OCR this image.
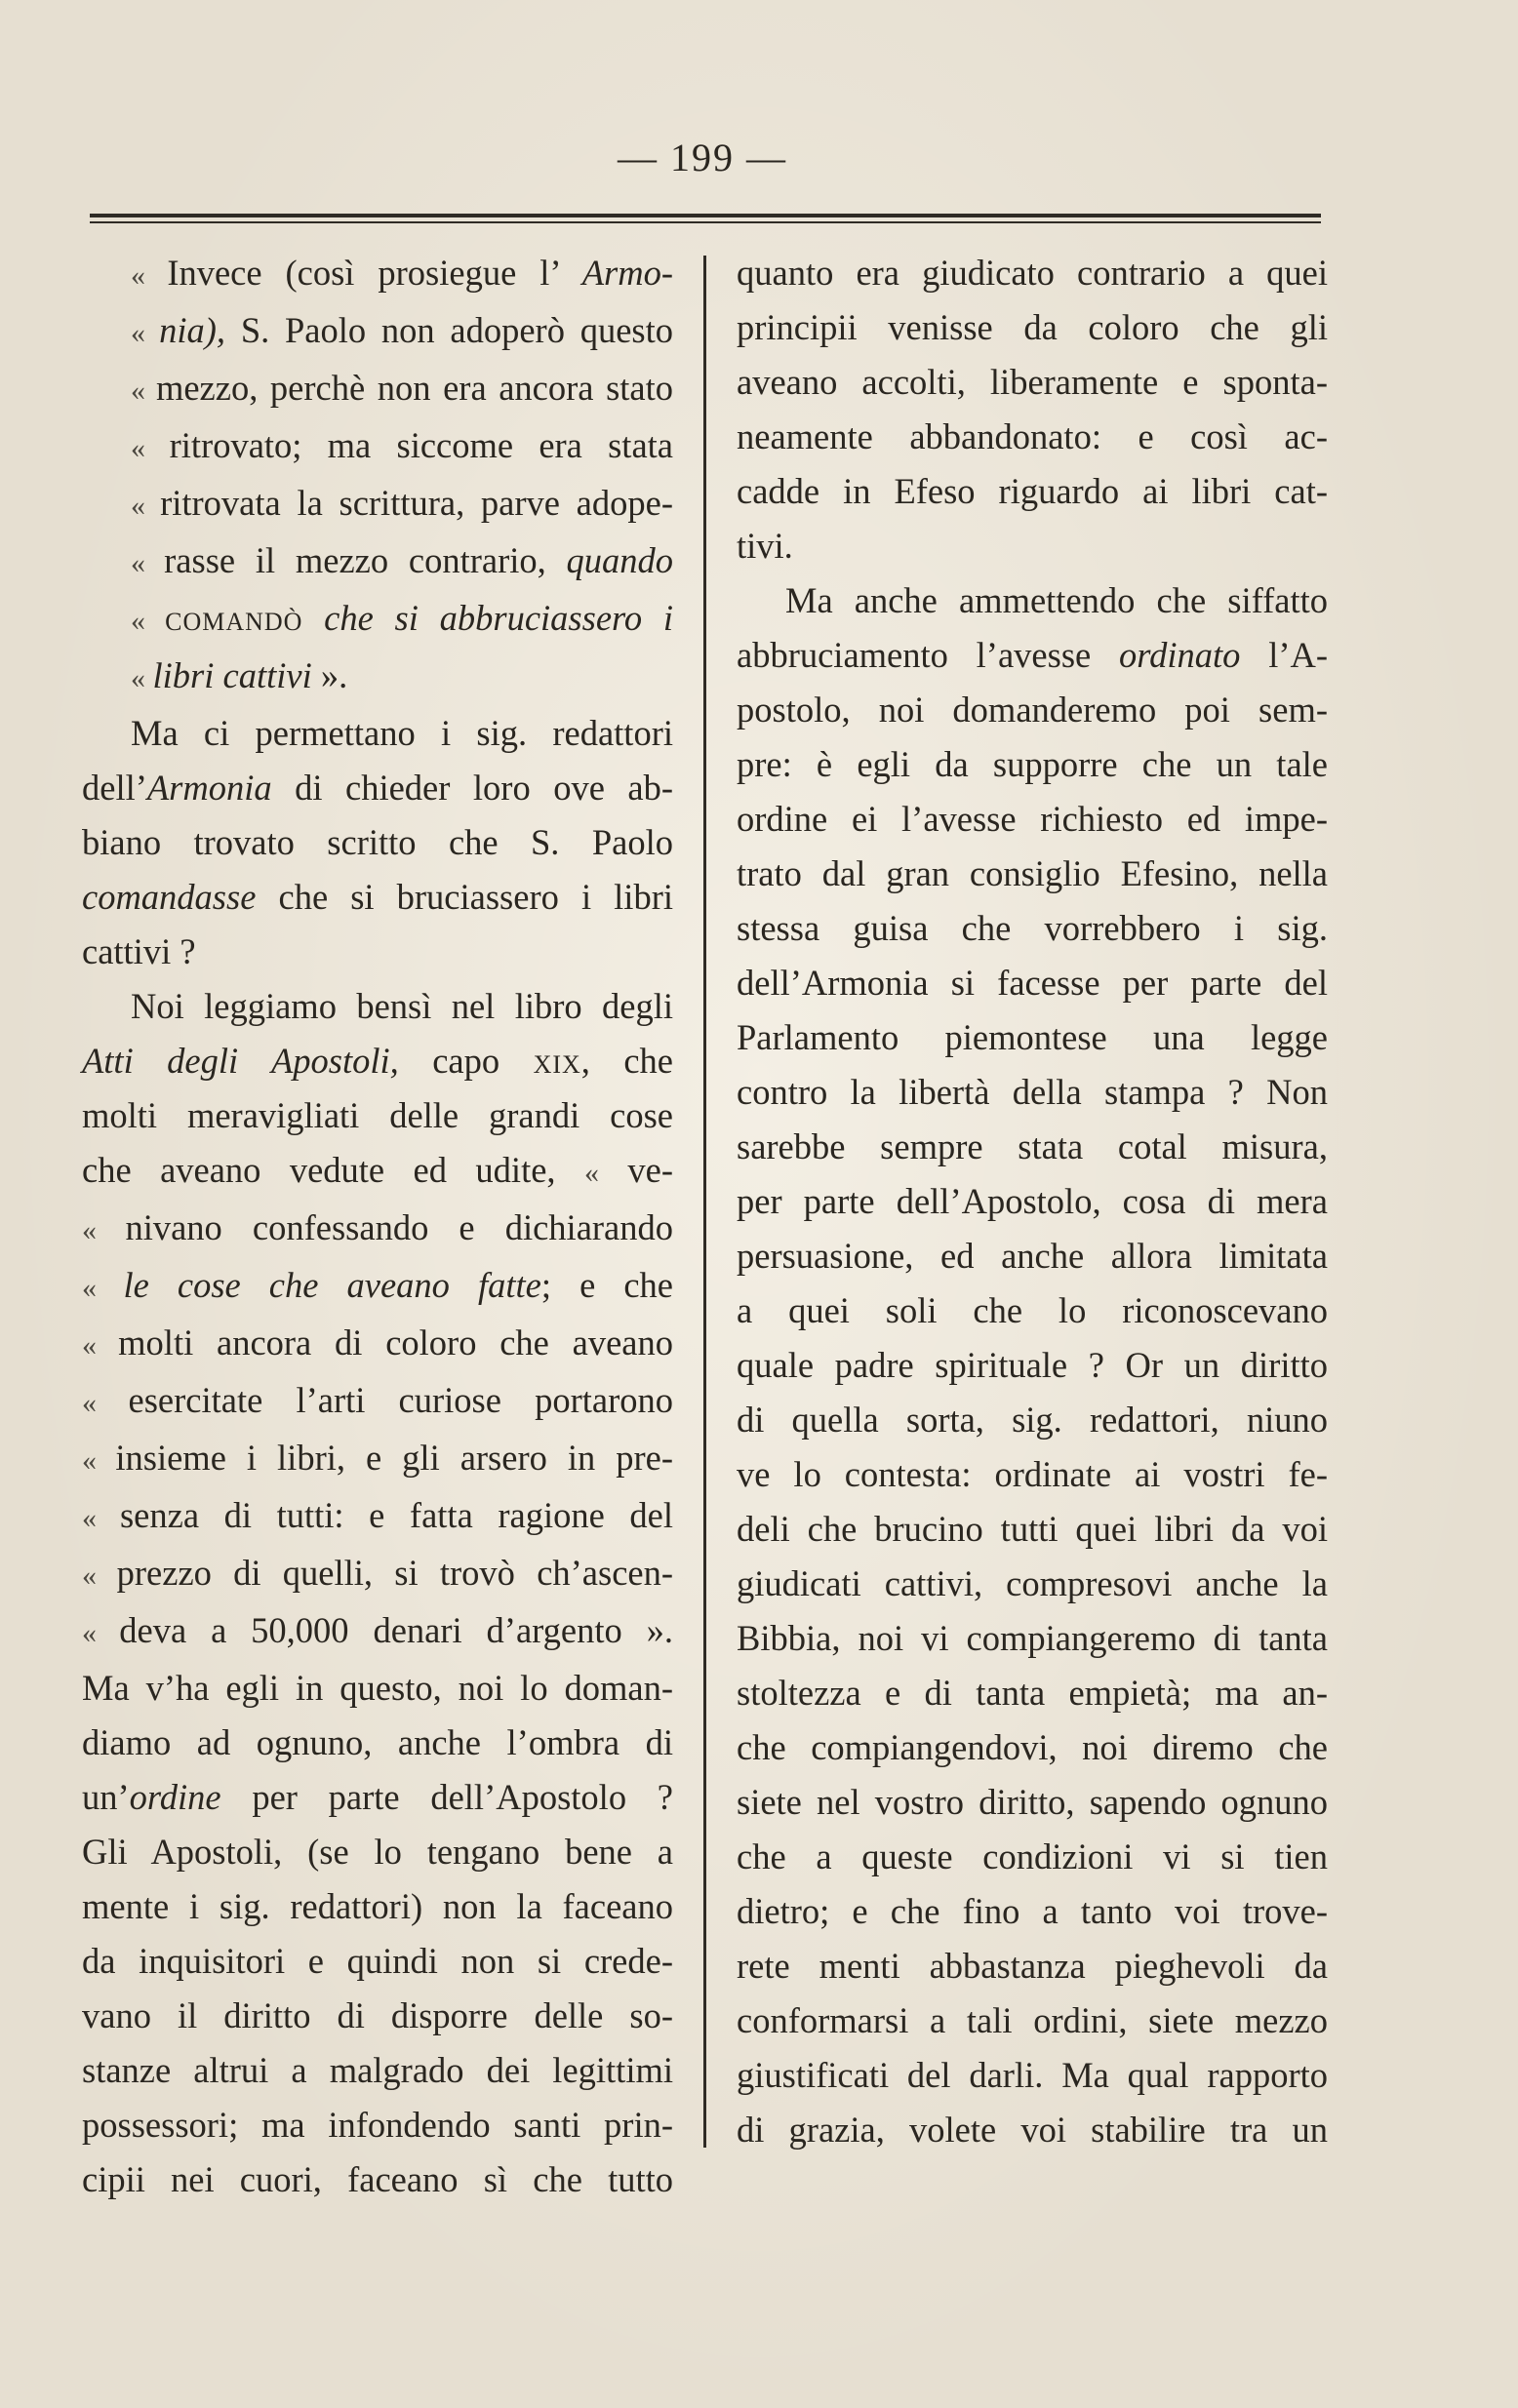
— 199 —
« Invece (così prosiegue l’ Armo-
« nia), S. Paolo non adoperò questo
« mezzo, perchè non era ancora stato
« ritrovato; ma siccome era stata
« ritrovata la scrittura, parve adope-
« rasse il mezzo contrario, quando
« comandò che si abbruciassero i
« libri cattivi ».
Ma ci permettano i sig. redattori
dell’Armonia di chieder loro ove ab-
biano trovato scritto che S. Paolo
comandasse che si bruciassero i libri
cattivi ?
Noi leggiamo bensì nel libro degli
Atti degli Apostoli, capo xix, che
molti meravigliati delle grandi cose
che aveano vedute ed udite, « ve-
« nivano confessando e dichiarando
« le cose che aveano fatte; e che
« molti ancora di coloro che aveano
« esercitate l’arti curiose portarono
« insieme i libri, e gli arsero in pre-
« senza di tutti: e fatta ragione del
« prezzo di quelli, si trovò ch’ascen-
« deva a 50,000 denari d’argento ».
Ma v’ha egli in questo, noi lo doman-
diamo ad ognuno, anche l’ombra di
un’ordine per parte dell’Apostolo ?
Gli Apostoli, (se lo tengano bene a
mente i sig. redattori) non la faceano
da inquisitori e quindi non si crede-
vano il diritto di disporre delle so-
stanze altrui a malgrado dei legittimi
possessori; ma infondendo santi prin-
cipii nei cuori, faceano sì che tutto
quanto era giudicato contrario a quei
principii venisse da coloro che gli
aveano accolti, liberamente e sponta-
neamente abbandonato: e così ac-
cadde in Efeso riguardo ai libri cat-
tivi.
Ma anche ammettendo che siffatto
abbruciamento l’avesse ordinato l’A-
postolo, noi domanderemo poi sem-
pre: è egli da supporre che un tale
ordine ei l’avesse richiesto ed impe-
trato dal gran consiglio Efesino, nella
stessa guisa che vorrebbero i sig.
dell’Armonia si facesse per parte del
Parlamento piemontese una legge
contro la libertà della stampa ? Non
sarebbe sempre stata cotal misura,
per parte dell’Apostolo, cosa di mera
persuasione, ed anche allora limitata
a quei soli che lo riconoscevano
quale padre spirituale ? Or un diritto
di quella sorta, sig. redattori, niuno
ve lo contesta: ordinate ai vostri fe-
deli che brucino tutti quei libri da voi
giudicati cattivi, compresovi anche la
Bibbia, noi vi compiangeremo di tanta
stoltezza e di tanta empietà; ma an-
che compiangendovi, noi diremo che
siete nel vostro diritto, sapendo ognuno
che a queste condizioni vi si tien
dietro; e che fino a tanto voi trove-
rete menti abbastanza pieghevoli da
conformarsi a tali ordini, siete mezzo
giustificati del darli. Ma qual rapporto
di grazia, volete voi stabilire tra un
